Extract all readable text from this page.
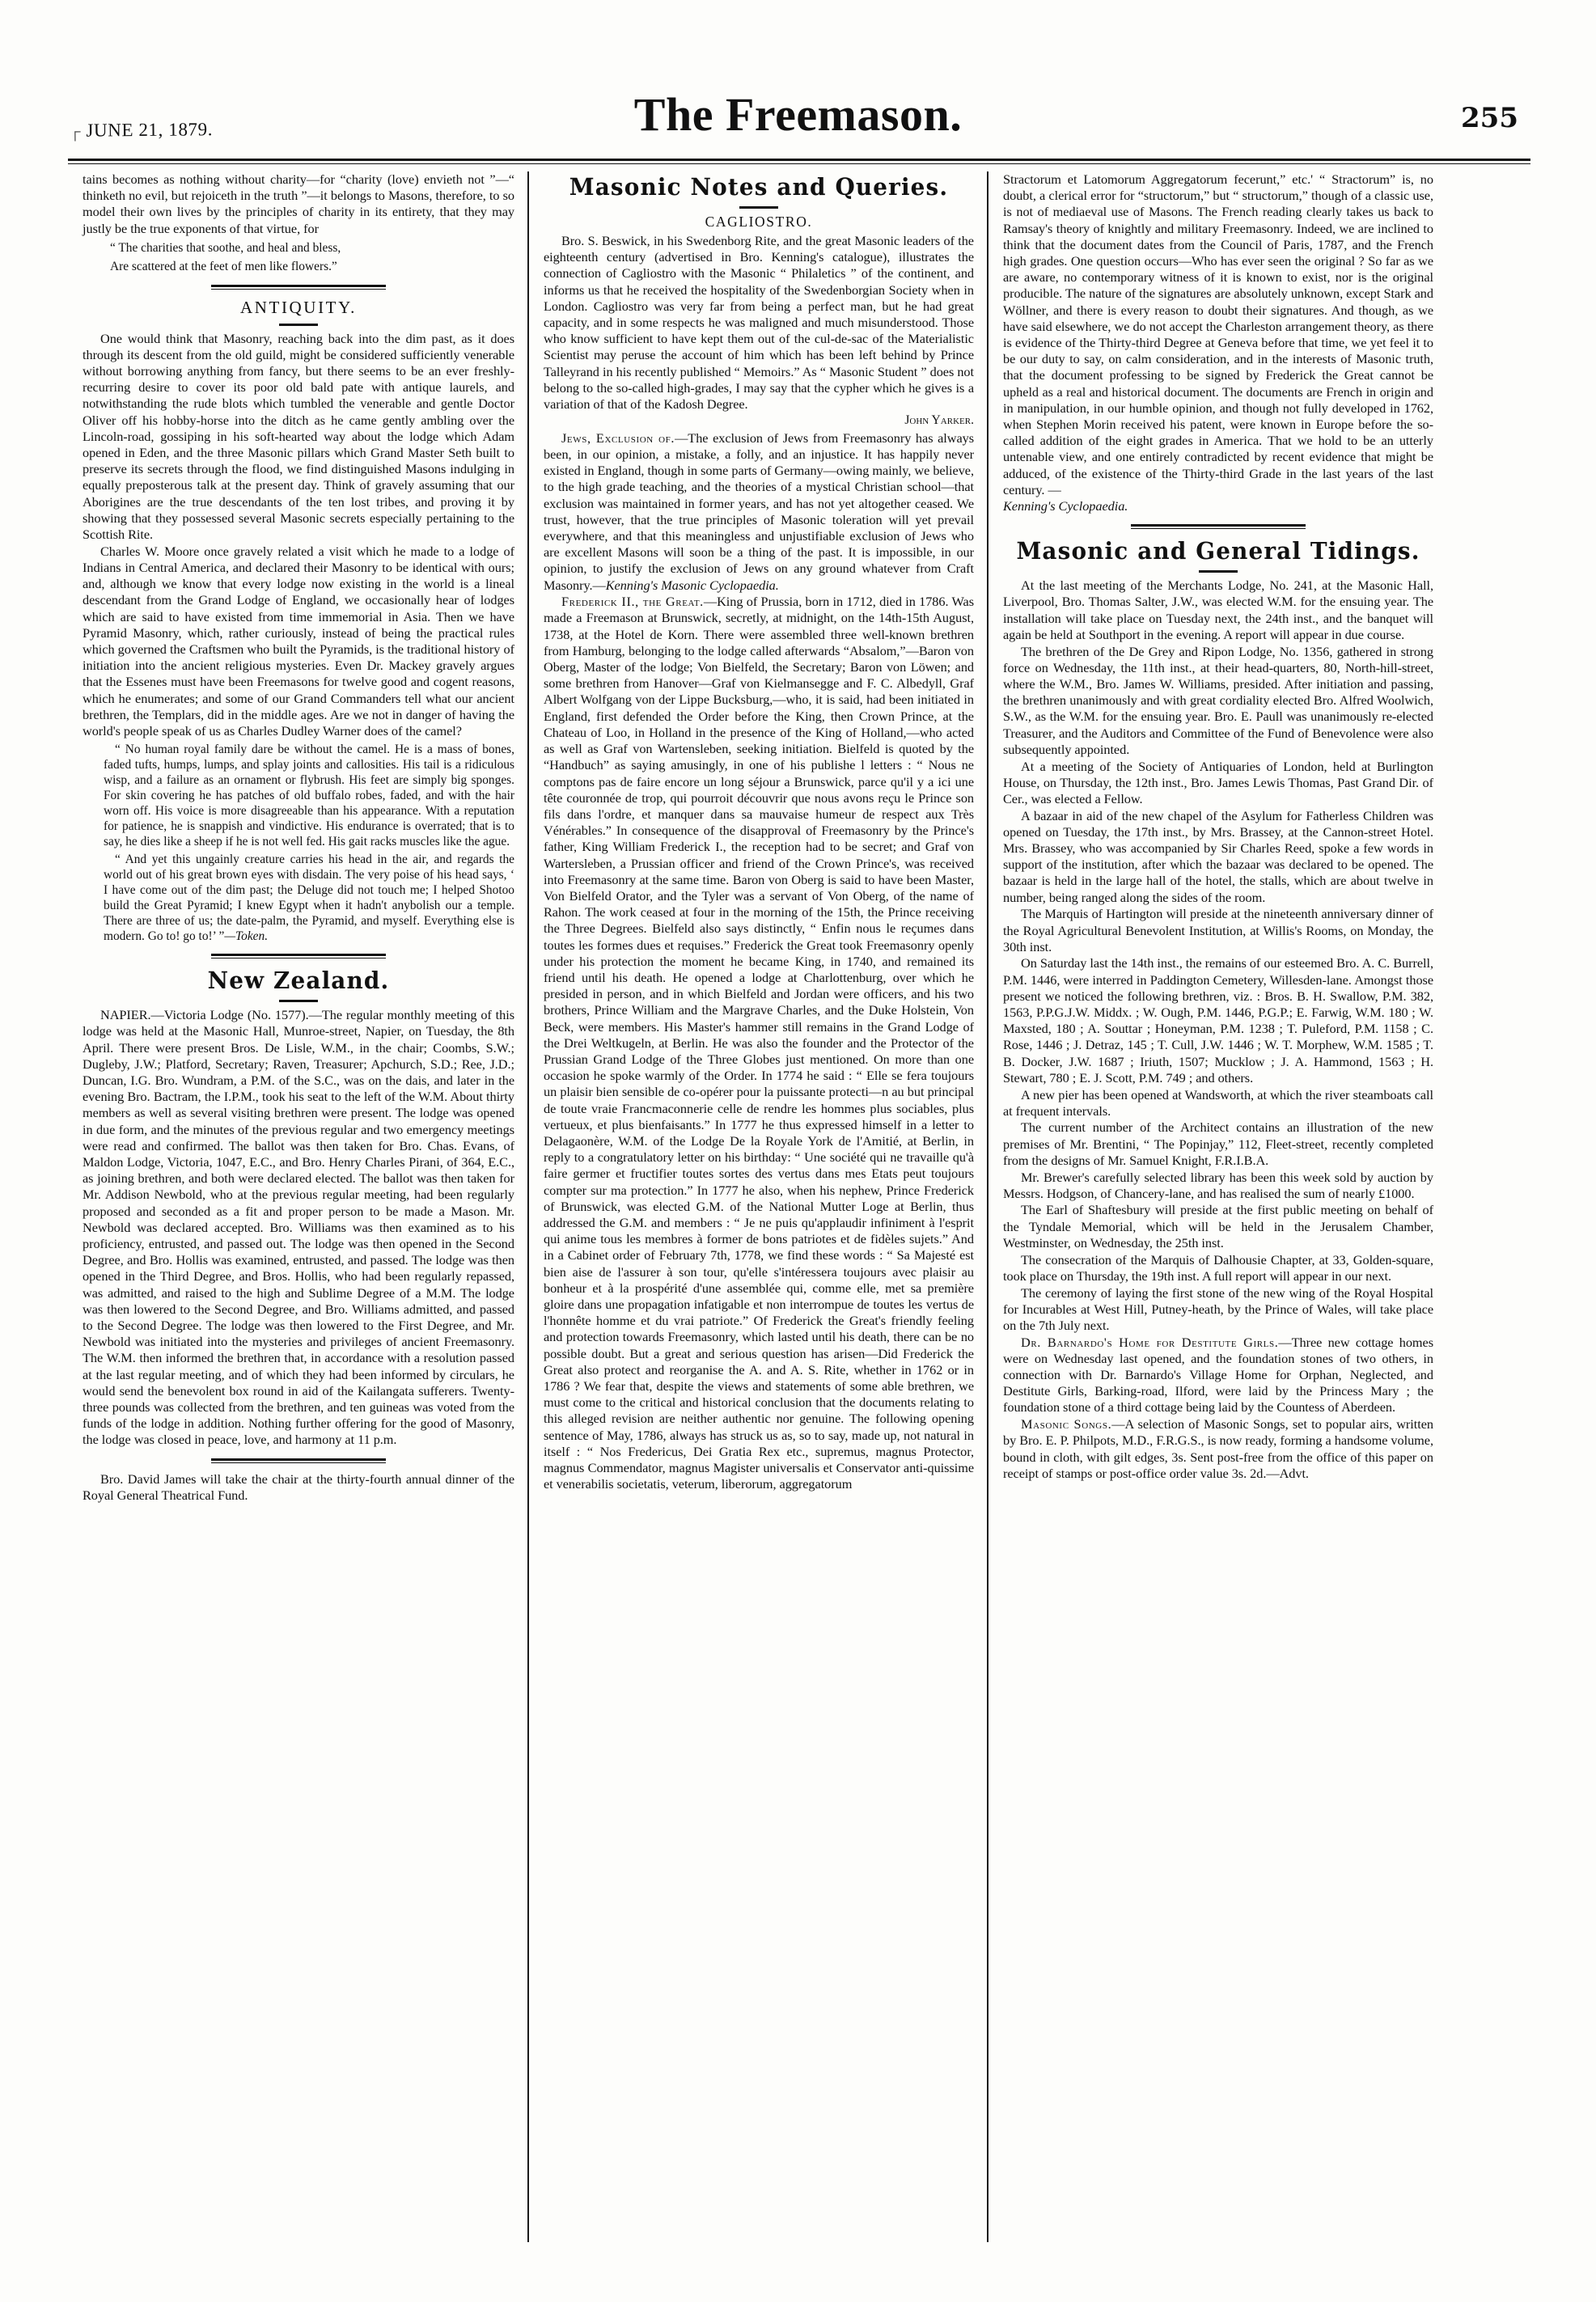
┌ JUNE 21, 1879.	The Freemason.	255

tains becomes as nothing without charity—for “charity (love) envieth not ”—“ thinketh no evil, but rejoiceth in the truth ”—it belongs to Masons, therefore, to so model their own lives by the principles of charity in its entirety, that they may justly be the true exponents of that virtue, for

“ The charities that soothe, and heal and bless,

Are scattered at the feet of men like flowers.”

ANTIQUITY.

One would think that Masonry, reaching back into the dim past, as it does through its descent from the old guild, might be considered sufficiently venerable without borrowing anything from fancy, but there seems to be an ever freshly-recurring desire to cover its poor old bald pate with antique laurels, and notwithstanding the rude blots which tumbled the venerable and gentle Doctor Oliver off his hobby-horse into the ditch as he came gently ambling over the Lincoln-road, gossiping in his soft-hearted way about the lodge which Adam opened in Eden, and the three Masonic pillars which Grand Master Seth built to preserve its secrets through the flood, we find distinguished Masons indulging in equally preposterous talk at the present day. Think of gravely assuming that our Aborigines are the true descendants of the ten lost tribes, and proving it by showing that they possessed several Masonic secrets especially pertaining to the Scottish Rite.

Charles W. Moore once gravely related a visit which he made to a lodge of Indians in Central America, and declared their Masonry to be identical with ours; and, although we know that every lodge now existing in the world is a lineal descendant from the Grand Lodge of England, we occasionally hear of lodges which are said to have existed from time immemorial in Asia. Then we have Pyramid Masonry, which, rather curiously, instead of being the practical rules which governed the Craftsmen who built the Pyramids, is the traditional history of initiation into the ancient religious mysteries. Even Dr. Mackey gravely argues that the Essenes must have been Freemasons for twelve good and cogent reasons, which he enumerates; and some of our Grand Commanders tell what our ancient brethren, the Templars, did in the middle ages. Are we not in danger of having the world's people speak of us as Charles Dudley Warner does of the camel?

“ No human royal family dare be without the camel. He is a mass of bones, faded tufts, humps, lumps, and splay joints and callosities. His tail is a ridiculous wisp, and a failure as an ornament or flybrush. His feet are simply big sponges. For skin covering he has patches of old buffalo robes, faded, and with the hair worn off. His voice is more disagreeable than his appearance. With a reputation for patience, he is snappish and vindictive. His endurance is overrated; that is to say, he dies like a sheep if he is not well fed. His gait racks muscles like the ague.

“ And yet this ungainly creature carries his head in the air, and regards the world out of his great brown eyes with disdain. The very poise of his head says, ‘ I have come out of the dim past; the Deluge did not touch me; I helped Shotoo build the Great Pyramid; I knew Egypt when it hadn't anybolish our a temple. There are three of us; the date-palm, the Pyramid, and myself. Everything else is modern. Go to! go to!’ ”—Token.

New Zealand.

NAPIER.—Victoria Lodge (No. 1577).—The regular monthly meeting of this lodge was held at the Masonic Hall, Munroe-street, Napier, on Tuesday, the 8th April. There were present Bros. De Lisle, W.M., in the chair; Coombs, S.W.; Dugleby, J.W.; Platford, Secretary; Raven, Treasurer; Apchurch, S.D.; Ree, J.D.; Duncan, I.G. Bro. Wundram, a P.M. of the S.C., was on the dais, and later in the evening Bro. Bactram, the I.P.M., took his seat to the left of the W.M. About thirty members as well as several visiting brethren were present. The lodge was opened in due form, and the minutes of the previous regular and two emergency meetings were read and confirmed. The ballot was then taken for Bro. Chas. Evans, of Maldon Lodge, Victoria, 1047, E.C., and Bro. Henry Charles Pirani, of 364, E.C., as joining brethren, and both were declared elected. The ballot was then taken for Mr. Addison Newbold, who at the previous regular meeting, had been regularly proposed and seconded as a fit and proper person to be made a Mason. Mr. Newbold was declared accepted. Bro. Williams was then examined as to his proficiency, entrusted, and passed out. The lodge was then opened in the Second Degree, and Bro. Hollis was examined, entrusted, and passed. The lodge was then opened in the Third Degree, and Bros. Hollis, who had been regularly repassed, was admitted, and raised to the high and Sublime Degree of a M.M. The lodge was then lowered to the Second Degree, and Bro. Williams admitted, and passed to the Second Degree. The lodge was then lowered to the First Degree, and Mr. Newbold was initiated into the mysteries and privileges of ancient Freemasonry. The W.M. then informed the brethren that, in accordance with a resolution passed at the last regular meeting, and of which they had been informed by circulars, he would send the benevolent box round in aid of the Kailangata sufferers. Twenty-three pounds was collected from the brethren, and ten guineas was voted from the funds of the lodge in addition. Nothing further offering for the good of Masonry, the lodge was closed in peace, love, and harmony at 11 p.m.

Bro. David James will take the chair at the thirty-fourth annual dinner of the Royal General Theatrical Fund.

Masonic Notes and Queries.
CAGLIOSTRO.

Bro. S. Beswick, in his Swedenborg Rite, and the great Masonic leaders of the eighteenth century (advertised in Bro. Kenning's catalogue), illustrates the connection of Cagliostro with the Masonic “ Philaletics ” of the continent, and informs us that he received the hospitality of the Swedenborgian Society when in London. Cagliostro was very far from being a perfect man, but he had great capacity, and in some respects he was maligned and much misunderstood. Those who know sufficient to have kept them out of the cul-de-sac of the Materialistic Scientist may peruse the account of him which has been left behind by Prince Talleyrand in his recently published “ Memoirs.” As “ Masonic Student ” does not belong to the so-called high-grades, I may say that the cypher which he gives is a variation of that of the Kadosh Degree.

John Yarker.

Jews, Exclusion of.—The exclusion of Jews from Freemasonry has always been, in our opinion, a mistake, a folly, and an injustice. It has happily never existed in England, though in some parts of Germany—owing mainly, we believe, to the high grade teaching, and the theories of a mystical Christian school—that exclusion was maintained in former years, and has not yet altogether ceased. We trust, however, that the true principles of Masonic toleration will yet prevail everywhere, and that this meaningless and unjustifiable exclusion of Jews who are excellent Masons will soon be a thing of the past. It is impossible, in our opinion, to justify the exclusion of Jews on any ground whatever from Craft Masonry.—Kenning's Masonic Cyclopaedia.

Frederick II., the Great.—King of Prussia, born in 1712, died in 1786. Was made a Freemason at Brunswick, secretly, at midnight, on the 14th-15th August, 1738, at the Hotel de Korn. There were assembled three well-known brethren from Hamburg, belonging to the lodge called afterwards “Absalom,”—Baron von Oberg, Master of the lodge; Von Bielfeld, the Secretary; Baron von Löwen; and some brethren from Hanover—Graf von Kielmansegge and F. C. Albedyll, Graf Albert Wolfgang von der Lippe Bucksburg,—who, it is said, had been initiated in England, first defended the Order before the King, then Crown Prince, at the Chateau of Loo, in Holland in the presence of the King of Holland,—who acted as well as Graf von Wartensleben, seeking initiation. Bielfeld is quoted by the “Handbuch” as saying amusingly, in one of his publishe l letters : “ Nous ne comptons pas de faire encore un long séjour a Brunswick, parce qu'il y a ici une tête couronnée de trop, qui pourroit découvrir que nous avons reçu le Prince son fils dans l'ordre, et manquer dans sa mauvaise humeur de respect aux Très Vénérables.” In consequence of the disapproval of Freemasonry by the Prince's father, King William Frederick I., the reception had to be secret; and Graf von Wartersleben, a Prussian officer and friend of the Crown Prince's, was received into Freemasonry at the same time. Baron von Oberg is said to have been Master, Von Bielfeld Orator, and the Tyler was a servant of Von Oberg, of the name of Rahon. The work ceased at four in the morning of the 15th, the Prince receiving the Three Degrees. Bielfeld also says distinctly, “ Enfin nous le reçumes dans toutes les formes dues et requises.” Frederick the Great took Freemasonry openly under his protection the moment he became King, in 1740, and remained its friend until his death. He opened a lodge at Charlottenburg, over which he presided in person, and in which Bielfeld and Jordan were officers, and his two brothers, Prince William and the Margrave Charles, and the Duke Holstein, Von Beck, were members. His Master's hammer still remains in the Grand Lodge of the Drei Weltkugeln, at Berlin. He was also the founder and the Protector of the Prussian Grand Lodge of the Three Globes just mentioned. On more than one occasion he spoke warmly of the Order. In 1774 he said : “ Elle se fera toujours un plaisir bien sensible de co-opérer pour la puissante protecti—n au but principal de toute vraie Francmaconnerie celle de rendre les hommes plus sociables, plus vertueux, et plus bienfaisants.” In 1777 he thus expressed himself in a letter to Delagaonère, W.M. of the Lodge De la Royale York de l'Amitié, at Berlin, in reply to a congratulatory letter on his birthday: “ Une société qui ne travaille qu'à faire germer et fructifier toutes sortes des vertus dans mes Etats peut toujours compter sur ma protection.” In 1777 he also, when his nephew, Prince Frederick of Brunswick, was elected G.M. of the National Mutter Loge at Berlin, thus addressed the G.M. and members : “ Je ne puis qu'applaudir infiniment à l'esprit qui anime tous les membres à former de bons patriotes et de fidèles sujets.” And in a Cabinet order of February 7th, 1778, we find these words : “ Sa Majesté est bien aise de l'assurer à son tour, qu'elle s'intéressera toujours avec plaisir au bonheur et à la prospérité d'une assemblée qui, comme elle, met sa première gloire dans une propagation infatigable et non interrompue de toutes les vertus de l'honnête homme et du vrai patriote.” Of Frederick the Great's friendly feeling and protection towards Freemasonry, which lasted until his death, there can be no possible doubt. But a great and serious question has arisen—Did Frederick the Great also protect and reorganise the A. and A. S. Rite, whether in 1762 or in 1786 ? We fear that, despite the views and statements of some able brethren, we must come to the critical and historical conclusion that the documents relating to this alleged revision are neither authentic nor genuine. The following opening sentence of May, 1786, always has struck us as, so to say, made up, not natural in itself : “ Nos Fredericus, Dei Gratia Rex etc., supremus, magnus Protector, magnus Commendator, magnus Magister universalis et Conservator anti-quissime et venerabilis societatis, veterum, liberorum, aggregatorum

Stractorum et Latomorum Aggregatorum fecerunt,” etc.' “ Stractorum” is, no doubt, a clerical error for “structorum,” but “ structorum,” though of a classic use, is not of mediaeval use of Masons. The French reading clearly takes us back to Ramsay's theory of knightly and military Freemasonry. Indeed, we are inclined to think that the document dates from the Council of Paris, 1787, and the French high grades. One question occurs—Who has ever seen the original ? So far as we are aware, no contemporary witness of it is known to exist, nor is the original producible. The nature of the signatures are absolutely unknown, except Stark and Wöllner, and there is every reason to doubt their signatures. And though, as we have said elsewhere, we do not accept the Charleston arrangement theory, as there is evidence of the Thirty-third Degree at Geneva before that time, we yet feel it to be our duty to say, on calm consideration, and in the interests of Masonic truth, that the document professing to be signed by Frederick the Great cannot be upheld as a real and historical document. The documents are French in origin and in manipulation, in our humble opinion, and though not fully developed in 1762, when Stephen Morin received his patent, were known in Europe before the so-called addition of the eight grades in America. That we hold to be an utterly untenable view, and one entirely contradicted by recent evidence that might be adduced, of the existence of the Thirty-third Grade in the last years of the last century. —
Kenning's Cyclopaedia.

Masonic and General Tidings.

At the last meeting of the Merchants Lodge, No. 241, at the Masonic Hall, Liverpool, Bro. Thomas Salter, J.W., was elected W.M. for the ensuing year. The installation will take place on Tuesday next, the 24th inst., and the banquet will again be held at Southport in the evening. A report will appear in due course.

The brethren of the De Grey and Ripon Lodge, No. 1356, gathered in strong force on Wednesday, the 11th inst., at their head-quarters, 80, North-hill-street, where the W.M., Bro. James W. Williams, presided. After initiation and passing, the brethren unanimously and with great cordiality elected Bro. Alfred Woolwich, S.W., as the W.M. for the ensuing year. Bro. E. Paull was unanimously re-elected Treasurer, and the Auditors and Committee of the Fund of Benevolence were also subsequently appointed.

At a meeting of the Society of Antiquaries of London, held at Burlington House, on Thursday, the 12th inst., Bro. James Lewis Thomas, Past Grand Dir. of Cer., was elected a Fellow.

A bazaar in aid of the new chapel of the Asylum for Fatherless Children was opened on Tuesday, the 17th inst., by Mrs. Brassey, at the Cannon-street Hotel. Mrs. Brassey, who was accompanied by Sir Charles Reed, spoke a few words in support of the institution, after which the bazaar was declared to be opened. The bazaar is held in the large hall of the hotel, the stalls, which are about twelve in number, being ranged along the sides of the room.

The Marquis of Hartington will preside at the nineteenth anniversary dinner of the Royal Agricultural Benevolent Institution, at Willis's Rooms, on Monday, the 30th inst.

On Saturday last the 14th inst., the remains of our esteemed Bro. A. C. Burrell, P.M. 1446, were interred in Paddington Cemetery, Willesden-lane. Amongst those present we noticed the following brethren, viz. : Bros. B. H. Swallow, P.M. 382, 1563, P.P.G.J.W. Middx. ; W. Ough, P.M. 1446, P.G.P.; E. Farwig, W.M. 180 ; W. Maxsted, 180 ; A. Souttar ; Honeyman, P.M. 1238 ; T. Puleford, P.M. 1158 ; C. Rose, 1446 ; J. Detraz, 145 ; T. Cull, J.W. 1446 ; W. T. Morphew, W.M. 1585 ; T. B. Docker, J.W. 1687 ; Iriuth, 1507; Mucklow ; J. A. Hammond, 1563 ; H. Stewart, 780 ; E. J. Scott, P.M. 749 ; and others.

A new pier has been opened at Wandsworth, at which the river steamboats call at frequent intervals.

The current number of the Architect contains an illustration of the new premises of Mr. Brentini, “ The Popinjay,” 112, Fleet-street, recently completed from the designs of Mr. Samuel Knight, F.R.I.B.A.

Mr. Brewer's carefully selected library has been this week sold by auction by Messrs. Hodgson, of Chancery-lane, and has realised the sum of nearly £1000.

The Earl of Shaftesbury will preside at the first public meeting on behalf of the Tyndale Memorial, which will be held in the Jerusalem Chamber, Westminster, on Wednesday, the 25th inst.

The consecration of the Marquis of Dalhousie Chapter, at 33, Golden-square, took place on Thursday, the 19th inst. A full report will appear in our next.

The ceremony of laying the first stone of the new wing of the Royal Hospital for Incurables at West Hill, Putney-heath, by the Prince of Wales, will take place on the 7th July next.

Dr. Barnardo's Home for Destitute Girls.—Three new cottage homes were on Wednesday last opened, and the foundation stones of two others, in connection with Dr. Barnardo's Village Home for Orphan, Neglected, and Destitute Girls, Barking-road, Ilford, were laid by the Princess Mary ; the foundation stone of a third cottage being laid by the Countess of Aberdeen.

Masonic Songs.—A selection of Masonic Songs, set to popular airs, written by Bro. E. P. Philpots, M.D., F.R.G.S., is now ready, forming a handsome volume, bound in cloth, with gilt edges, 3s. Sent post-free from the office of this paper on receipt of stamps or post-office order value 3s. 2d.—Advt.
